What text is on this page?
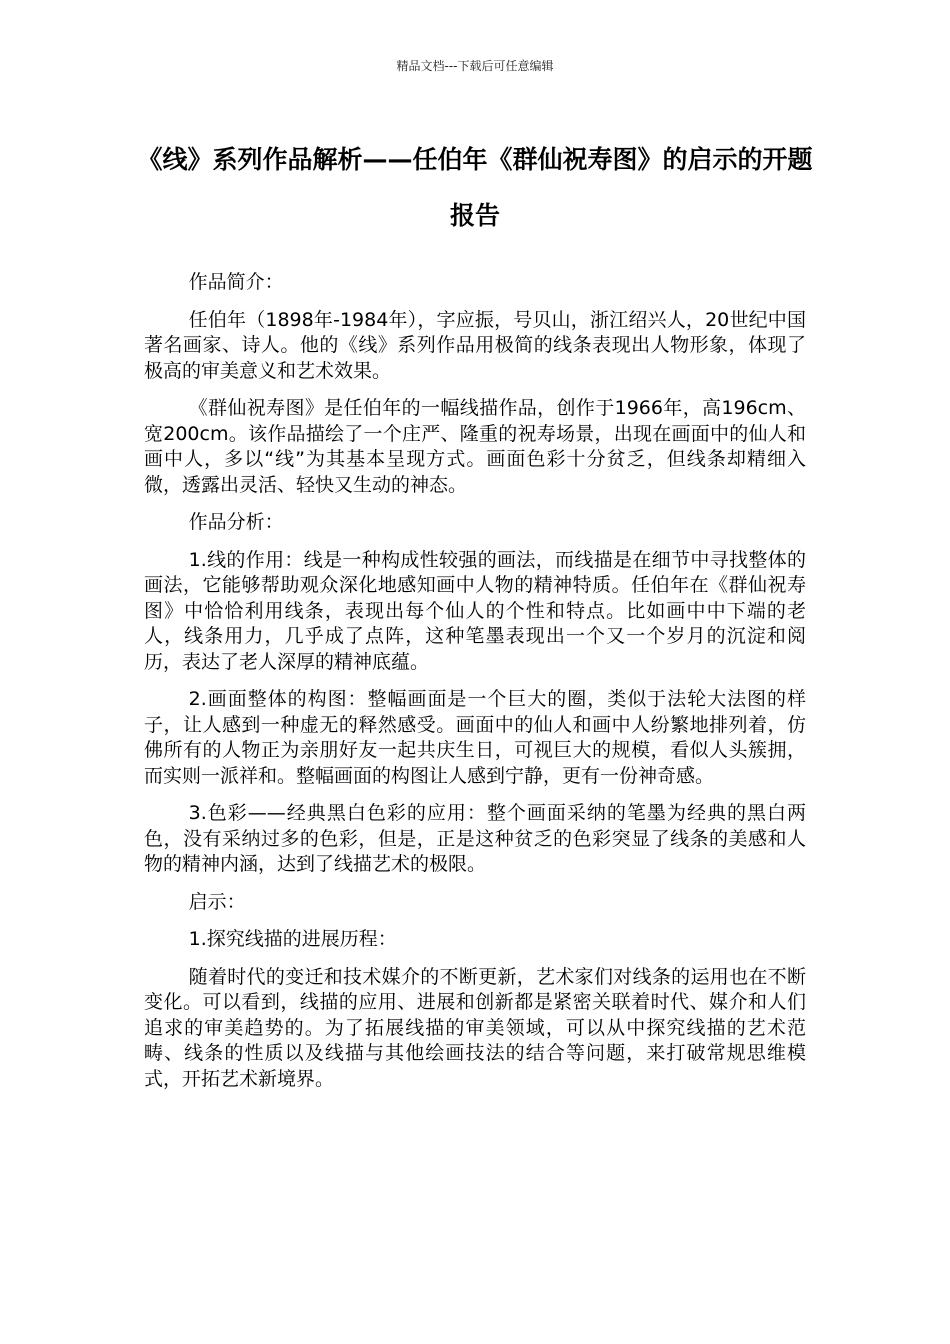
精品文档---下载后可任意编辑
《线》系列作品解析——任伯年《群仙祝寿图》的启示的开题报告

作品简介：

任伯年（1898年-1984年），字应振，号贝山，浙江绍兴人，20世纪中国著名画家、诗人。他的《线》系列作品用极简的线条表现出人物形象，体现了极高的审美意义和艺术效果。

《群仙祝寿图》是任伯年的一幅线描作品，创作于1966年，高196cm、宽200cm。该作品描绘了一个庄严、隆重的祝寿场景，出现在画面中的仙人和画中人，多以“线”为其基本呈现方式。画面色彩十分贫乏，但线条却精细入微，透露出灵活、轻快又生动的神态。

作品分析：

1.线的作用：线是一种构成性较强的画法，而线描是在细节中寻找整体的画法，它能够帮助观众深化地感知画中人物的精神特质。任伯年在《群仙祝寿图》中恰恰利用线条，表现出每个仙人的个性和特点。比如画中中下端的老人，线条用力，几乎成了点阵，这种笔墨表现出一个又一个岁月的沉淀和阅历，表达了老人深厚的精神底蕴。

2.画面整体的构图：整幅画面是一个巨大的圈，类似于法轮大法图的样子，让人感到一种虚无的释然感受。画面中的仙人和画中人纷繁地排列着，仿佛所有的人物正为亲朋好友一起共庆生日，可视巨大的规模，看似人头簇拥，而实则一派祥和。整幅画面的构图让人感到宁静，更有一份神奇感。

3.色彩——经典黑白色彩的应用：整个画面采纳的笔墨为经典的黑白两色，没有采纳过多的色彩，但是，正是这种贫乏的色彩突显了线条的美感和人物的精神内涵，达到了线描艺术的极限。

启示：

1.探究线描的进展历程：

随着时代的变迁和技术媒介的不断更新，艺术家们对线条的运用也在不断变化。可以看到，线描的应用、进展和创新都是紧密关联着时代、媒介和人们追求的审美趋势的。为了拓展线描的审美领域，可以从中探究线描的艺术范畴、线条的性质以及线描与其他绘画技法的结合等问题，来打破常规思维模式，开拓艺术新境界。
